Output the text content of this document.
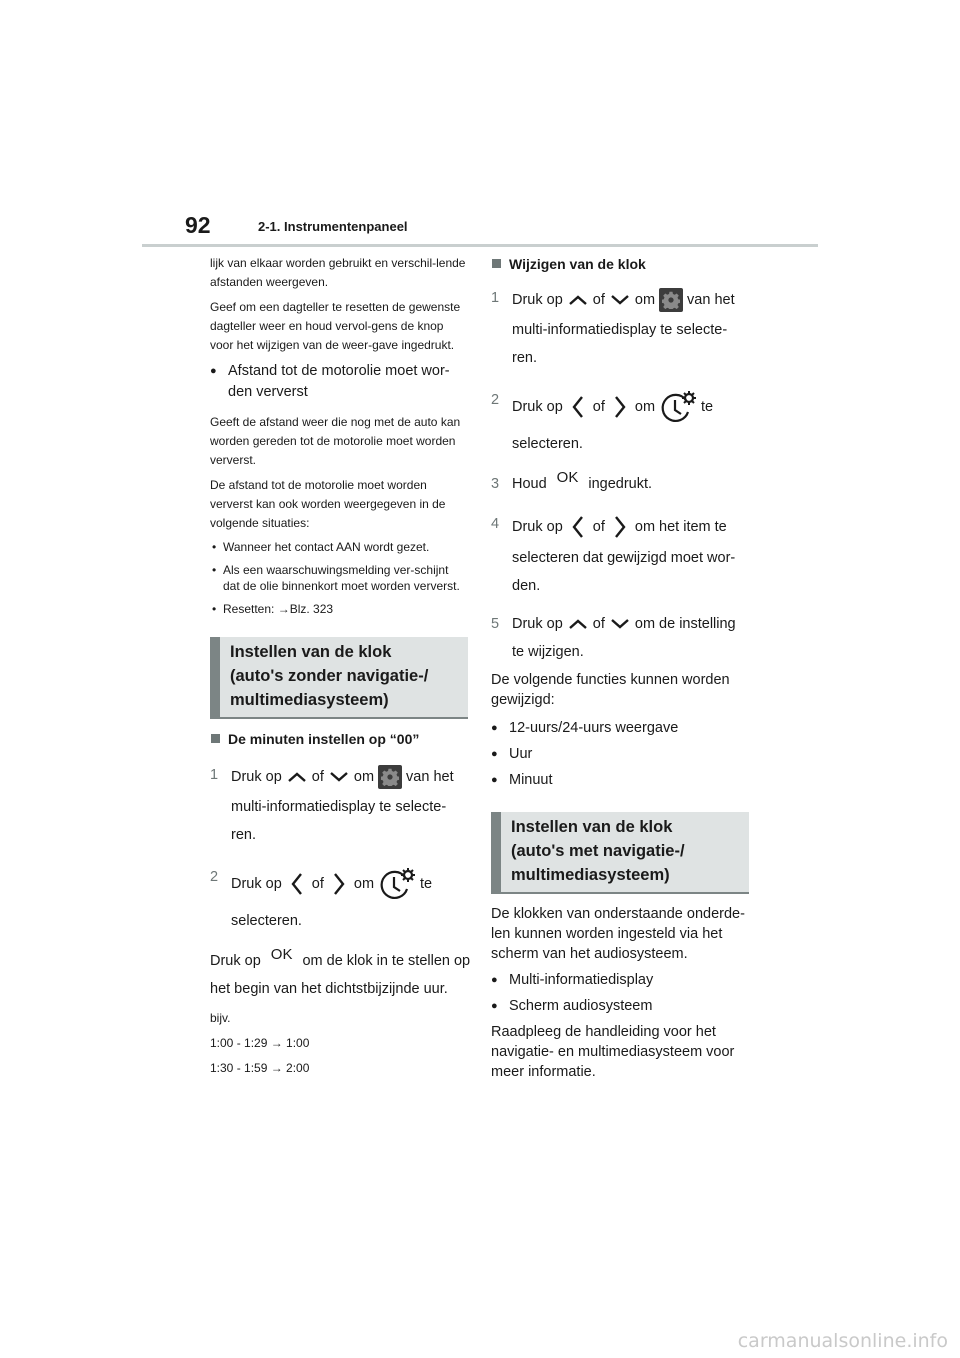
92	2-1. Instrumentenpaneel

lijk van elkaar worden gebruikt en verschil-lende afstanden weergeven.

Geef om een dagteller te resetten de gewenste dagteller weer en houd vervol-gens de knop voor het wijzigen van de weer-gave ingedrukt.

● Afstand tot de motorolie moet wor-den ververst

Geeft de afstand weer die nog met de auto kan worden gereden tot de motorolie moet worden ververst.

De afstand tot de motorolie moet worden ververst kan ook worden weergegeven in de volgende situaties:

• Wanneer het contact AAN wordt gezet.
• Als een waarschuwingsmelding ver-schijnt dat de olie binnenkort moet worden ververst.
• Resetten: →Blz. 323
Instellen van de klok
(auto's zonder navigatie-/
multimediasysteem)

De minuten instellen op “00”

1 Druk op of om van het
multi-informatiedisplay te selecte-
ren.
2 Druk op of om	te
selecteren.
Druk op OK om de klok in te stellen op
het begin van het dichtstbijzijnde uur.

bijv.

1:00 - 1:29 → 1:00

1:30 - 1:59 → 2:00

Wijzigen van de klok

1 Druk op of om van het
multi-informatiedisplay te selecte-
ren.
2 Druk op of om	te
selecteren.
3 Houd OK ingedrukt.
4 Druk op of om het item te
selecteren dat gewijzigd moet wor-
den.
5 Druk op of om de instelling
te wijzigen.

De volgende functies kunnen worden gewijzigd:

● 12-uurs/24-uurs weergave

● Uur

● Minuut

Instellen van de klok
(auto's met navigatie-/
multimediasysteem)

De klokken van onderstaande onderde-len kunnen worden ingesteld via het scherm van het audiosysteem.

● Multi-informatiedisplay

● Scherm audiosysteem

Raadpleeg de handleiding voor het navigatie- en multimediasysteem voor meer informatie.

carmanualsonline.info
